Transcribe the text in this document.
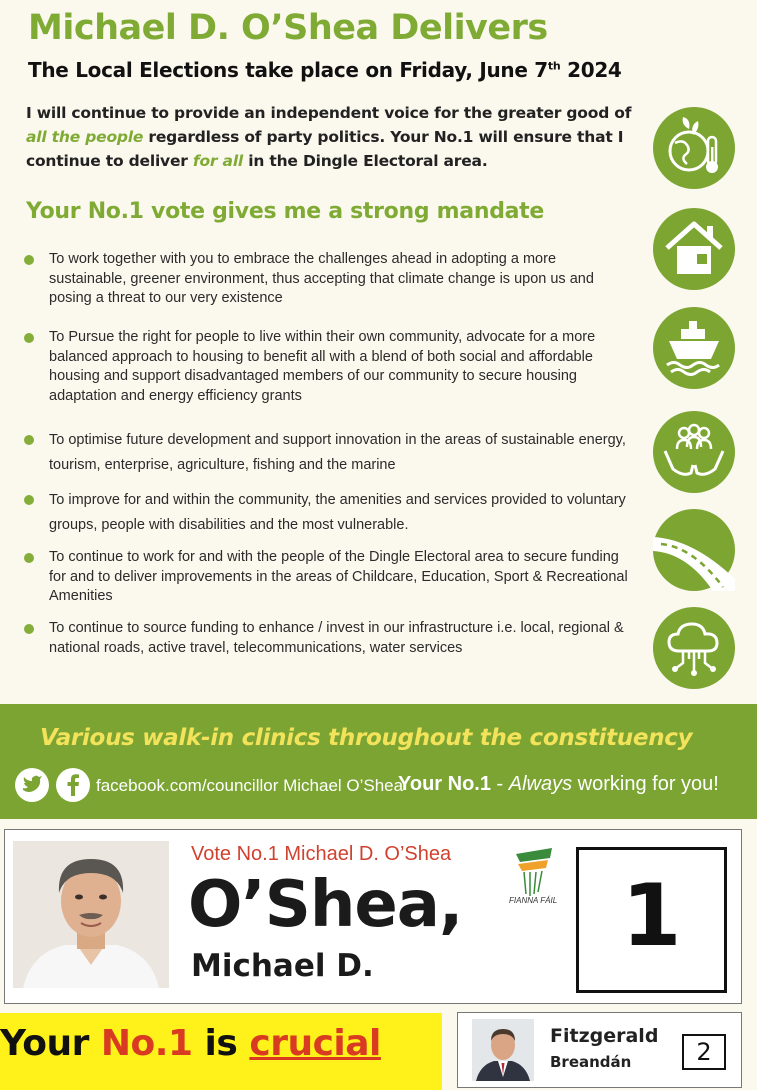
Michael D. O’Shea Delivers

The Local Elections take place on Friday, June 7th 2024

I will continue to provide an independent voice for the greater good of all the people regardless of party politics. Your No.1 will ensure that I continue to deliver for all in the Dingle Electoral area.

Your No.1 vote gives me a strong mandate
To work together with you to embrace the challenges ahead in adopting a more sustainable, greener environment, thus accepting that climate change is upon us and posing a threat to our very existence
To Pursue the right for people to live within their own community, advocate for a more balanced approach to housing to benefit all with a blend of both social and affordable housing and support disadvantaged members of our community to secure housing adaptation and energy efficiency grants
To optimise future development and support innovation in the areas of sustainable energy, tourism, enterprise, agriculture, fishing and the marine
To improve for and within the community, the amenities and services provided to voluntary groups, people with disabilities and the most vulnerable.
To continue to work for and with the people of the Dingle Electoral area to secure funding for and to deliver improvements in the areas of Childcare, Education, Sport & Recreational Amenities
To continue to source funding to enhance / invest in our infrastructure i.e. local, regional & national roads, active travel, telecommunications, water services

Various walk-in clinics throughout the constituency

facebook.com/councillor Michael O’Shea
Your No.1 - Always working for you!
Vote No.1 Michael D. O’Shea
O’Shea,
Michael D.
FIANNA FÁIL 1

Your No.1 is crucial	Fitzgerald
Breandán	2
